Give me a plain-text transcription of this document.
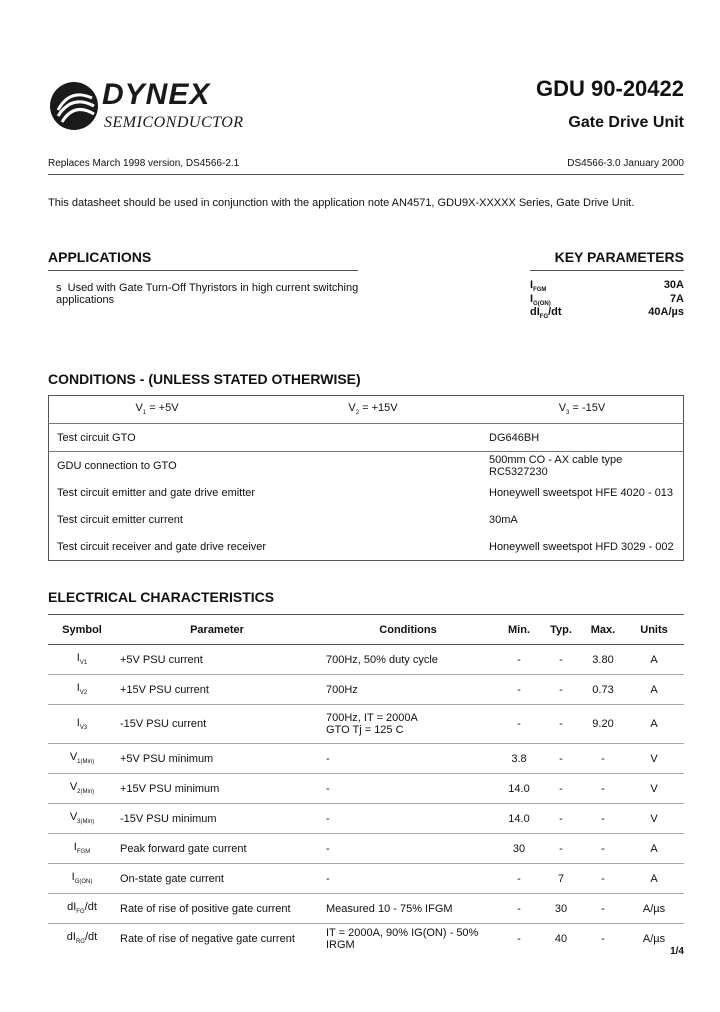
DYNEX
SEMICONDUCTOR
GDU 90-20422
Gate Drive Unit
Replaces March 1998 version, DS4566-2.1	DS4566-3.0 January 2000
This datasheet should be used in conjunction with the application note AN4571, GDU9X-XXXXX Series, Gate Drive Unit.
APPLICATIONS
s Used with Gate Turn-Off Thyristors in high current switching
applications
KEY PARAMETERS
$I_{FGM}$	30A
$I_{G(ON)}$	7A
$dI_{FG}/dt$	40A/µs
CONDITIONS - (UNLESS STATED OTHERWISE)
$V_1 = +5V$	$V_2 = +15V$	$V_3 = -15V$
Test circuit GTO		DG646BH
GDU connection to GTO		500mm CO - AX cable type RC5327230
Test circuit emitter and gate drive emitter		Honeywell sweetspot HFE 4020 - 013
Test circuit emitter current		30mA
Test circuit receiver and gate drive receiver		Honeywell sweetspot HFD 3029 - 002
ELECTRICAL CHARACTERISTICS
Symbol	Parameter	Conditions	Min.	Typ.	Max.	Units
$I_{V1}$	+5V PSU current	700Hz, 50% duty cycle	-	-	3.80	A
$I_{V2}$	+15V PSU current	700Hz	-	-	0.73	A
$I_{V3}$	-15V PSU current	700Hz, IT = 2000A
GTO Tj = 125 C	-	-	9.20	A
$V_{1(Min)}$	+5V PSU minimum	-	3.8	-	-	V
$V_{2(Min)}$	+15V PSU minimum	-	14.0	-	-	V
$V_{3(Min)}$	-15V PSU minimum	-	14.0	-	-	V
$I_{FGM}$	Peak forward gate current	-	30	-	-	A
$I_{G(ON)}$	On-state gate current	-	-	7	-	A
$dI_{FG}/dt$	Rate of rise of positive gate current	Measured 10 - 75% IFGM	-	30	-	A/µs
$dI_{RG}/dt$	Rate of rise of negative gate current	IT = 2000A, 90% IG(ON) - 50% IRGM	-	40	-	A/µs
1/4
